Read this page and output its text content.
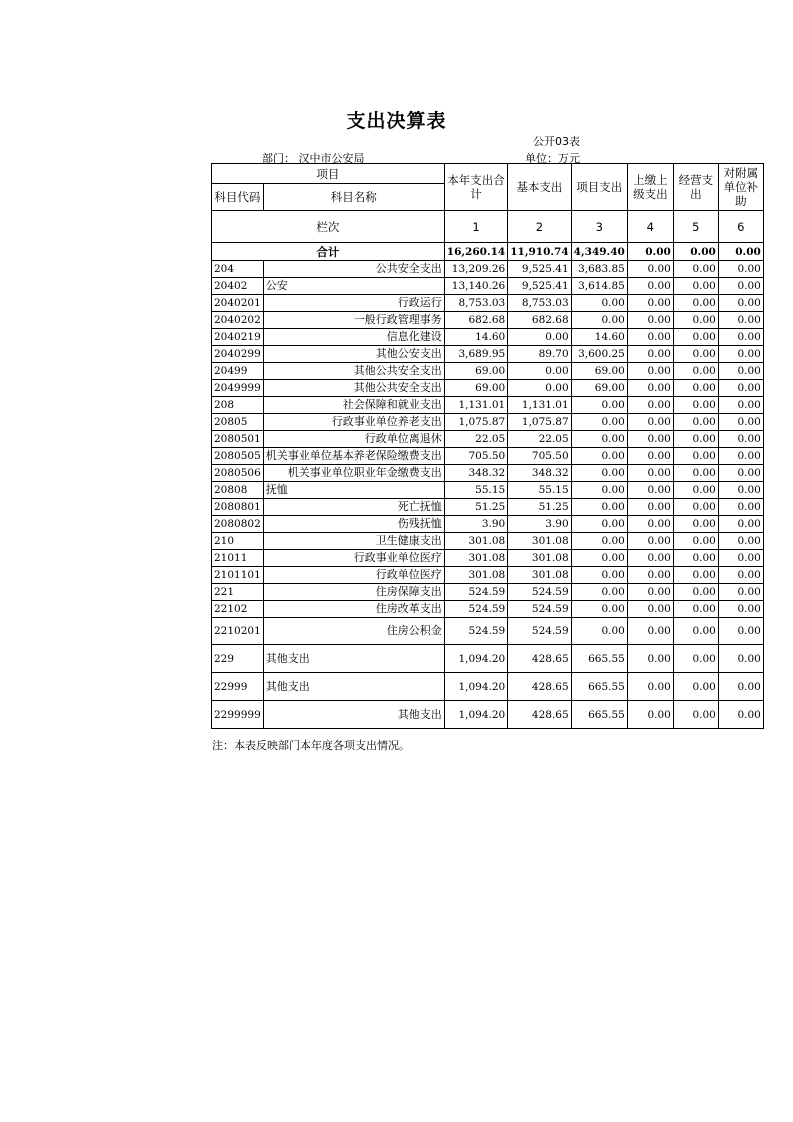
支出决算表
公开03表
部门： 汉中市公安局	单位：万元
项目		本年支出合计	基本支出	项目支出	上缴上级支出	经营支出	对附属单位补助
科目代码	科目名称						
栏次		1	2	3	4	5	6
合计		16,260.14	11,910.74	4,349.40	0.00	0.00	0.00
204	公共安全支出	13,209.26	9,525.41	3,683.85	0.00	0.00	0.00
20402	公安	13,140.26	9,525.41	3,614.85	0.00	0.00	0.00
2040201	行政运行	8,753.03	8,753.03	0.00	0.00	0.00	0.00
2040202	一般行政管理事务	682.68	682.68	0.00	0.00	0.00	0.00
2040219	信息化建设	14.60	0.00	14.60	0.00	0.00	0.00
2040299	其他公安支出	3,689.95	89.70	3,600.25	0.00	0.00	0.00
20499	其他公共安全支出	69.00	0.00	69.00	0.00	0.00	0.00
2049999	其他公共安全支出	69.00	0.00	69.00	0.00	0.00	0.00
208	社会保障和就业支出	1,131.01	1,131.01	0.00	0.00	0.00	0.00
20805	行政事业单位养老支出	1,075.87	1,075.87	0.00	0.00	0.00	0.00
2080501	行政单位离退休	22.05	22.05	0.00	0.00	0.00	0.00
2080505	机关事业单位基本养老保险缴费支出	705.50	705.50	0.00	0.00	0.00	0.00
2080506	机关事业单位职业年金缴费支出	348.32	348.32	0.00	0.00	0.00	0.00
20808	抚恤	55.15	55.15	0.00	0.00	0.00	0.00
2080801	死亡抚恤	51.25	51.25	0.00	0.00	0.00	0.00
2080802	伤残抚恤	3.90	3.90	0.00	0.00	0.00	0.00
210	卫生健康支出	301.08	301.08	0.00	0.00	0.00	0.00
21011	行政事业单位医疗	301.08	301.08	0.00	0.00	0.00	0.00
2101101	行政单位医疗	301.08	301.08	0.00	0.00	0.00	0.00
221	住房保障支出	524.59	524.59	0.00	0.00	0.00	0.00
22102	住房改革支出	524.59	524.59	0.00	0.00	0.00	0.00
2210201	住房公积金	524.59	524.59	0.00	0.00	0.00	0.00
229	其他支出	1,094.20	428.65	665.55	0.00	0.00	0.00
22999	其他支出	1,094.20	428.65	665.55	0.00	0.00	0.00
2299999	其他支出	1,094.20	428.65	665.55	0.00	0.00	0.00
注：本表反映部门本年度各项支出情况。
